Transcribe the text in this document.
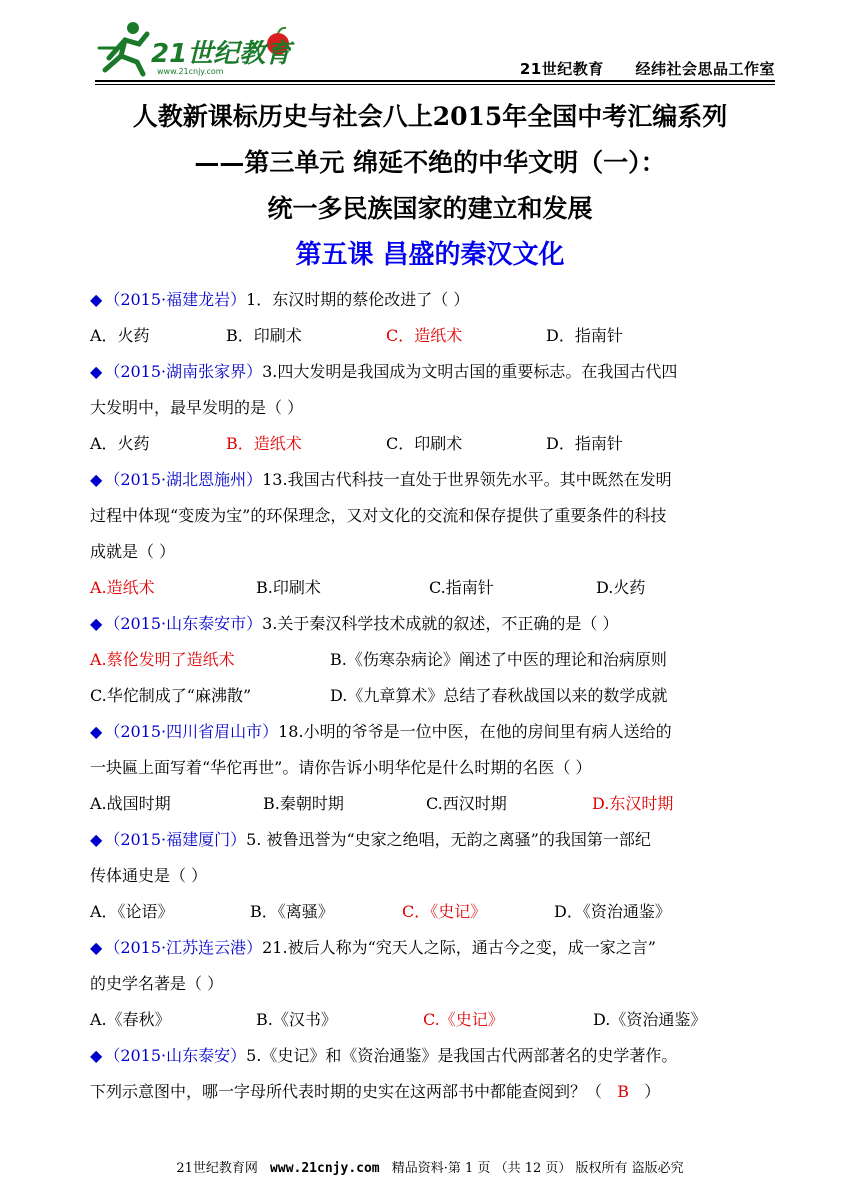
21世纪教育
www.21cnjy.com	21世纪教育 经纬社会思品工作室
人教新课标历史与社会八上2015年全国中考汇编系列
——第三单元 绵延不绝的中华文明（一）：
统一多民族国家的建立和发展
第五课 昌盛的秦汉文化
◆ （2015·福建龙岩）1．东汉时期的蔡伦改进了（ ）
A．火药	B．印刷术	C．造纸术	D．指南针
◆ （2015·湖南张家界）3.四大发明是我国成为文明古国的重要标志。在我国古代四
大发明中，最早发明的是（ ）
A．火药	B．造纸术	C．印刷术	D．指南针
◆ （2015·湖北恩施州）13.我国古代科技一直处于世界领先水平。其中既然在发明
过程中体现“变废为宝”的环保理念，又对文化的交流和保存提供了重要条件的科技
成就是（ ）
A.造纸术	B.印刷术	C.指南针	D.火药
◆ （2015·山东泰安市）3.关于秦汉科学技术成就的叙述，不正确的是（ ）
A.蔡伦发明了造纸术	B.《伤寒杂病论》阐述了中医的理论和治病原则
C.华佗制成了“麻沸散”	D.《九章算术》总结了春秋战国以来的数学成就
◆ （2015·四川省眉山市）18.小明的爷爷是一位中医，在他的房间里有病人送给的
一块匾上面写着“华佗再世”。请你告诉小明华佗是什么时期的名医（ ）
A.战国时期	B.秦朝时期	C.西汉时期	D.东汉时期
◆ （2015·福建厦门）5. 被鲁迅誉为“史家之绝唱，无韵之离骚”的我国第一部纪
传体通史是（ ）
A．《论语》	B．《离骚》	C．《史记》	D．《资治通鉴》
◆ （2015·江苏连云港）21.被后人称为“究天人之际，通古今之变，成一家之言”
的史学名著是（ ）
A.《春秋》	B.《汉书》	C.《史记》	D.《资治通鉴》
◆ （2015·山东泰安）5.《史记》和《资治通鉴》是我国古代两部著名的史学著作。
下列示意图中，哪一字母所代表时期的史实在这两部书中都能查阅到？（   B   ）
21世纪教育网 www.21cnjy.com 精品资料·第 1 页 （共 12 页） 版权所有 盗版必究
